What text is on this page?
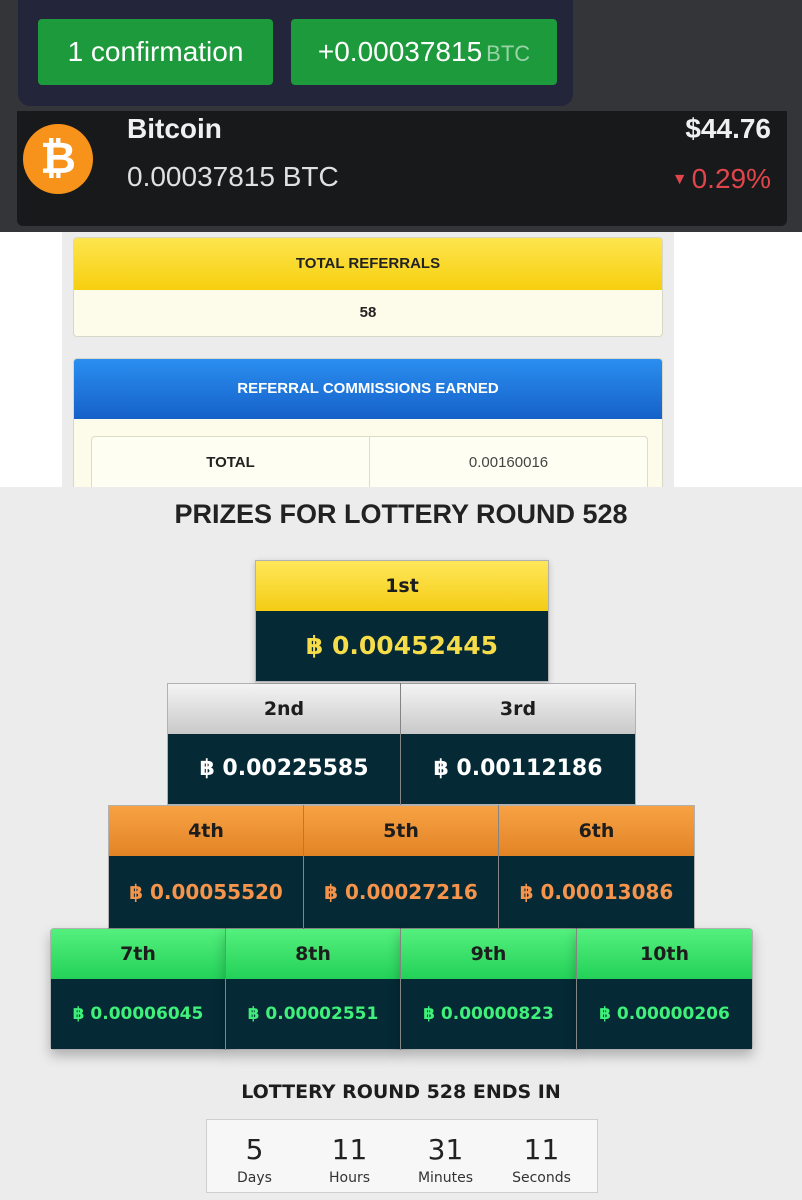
1 confirmation	+0.00037815 BTC
₿
Bitcoin
0.00037815 BTC
$44.76
▼ 0.29%
TOTAL REFERRALS
58
REFERRAL COMMISSIONS EARNED
TOTAL	0.00160016
PRIZES FOR LOTTERY ROUND 528
1st
฿ 0.00452445
2nd
฿ 0.00225585
3rd
฿ 0.00112186
4th
฿ 0.00055520
5th
฿ 0.00027216
6th
฿ 0.00013086
7th
฿ 0.00006045
8th
฿ 0.00002551
9th
฿ 0.00000823
10th
฿ 0.00000206
LOTTERY ROUND 528 ENDS IN
5
Days
11
Hours
31
Minutes
11
Seconds
